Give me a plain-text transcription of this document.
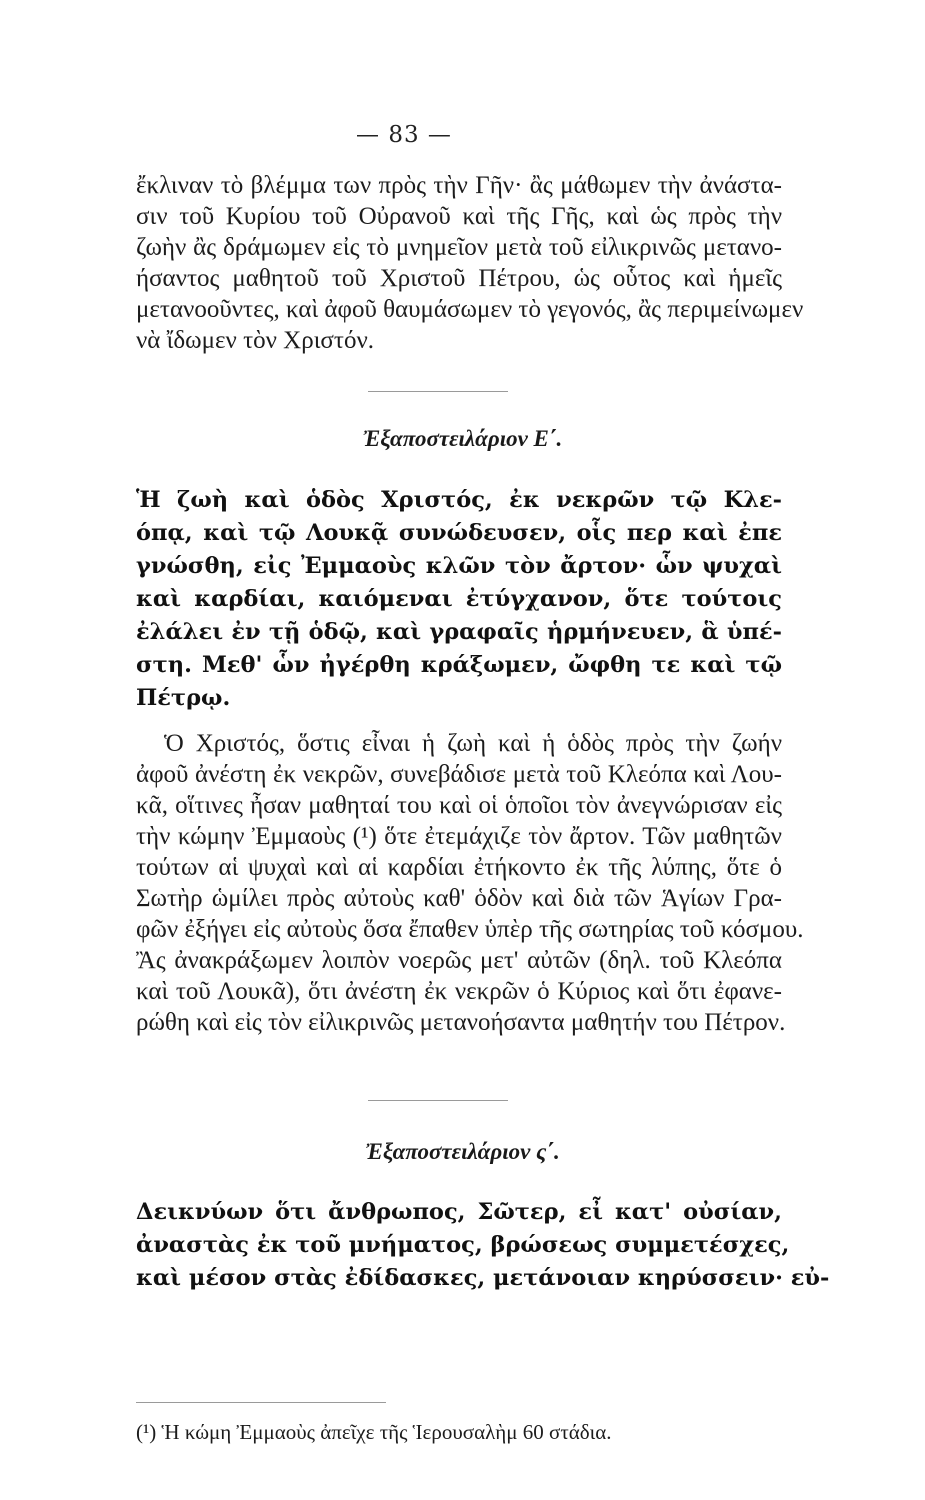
— 83 —
ἔκλιναν τὸ βλέμμα των πρὸς τὴν Γῆν· ἂς μάθωμεν τὴν ἀνάστα-
σιν τοῦ Κυρίου τοῦ Οὐρανοῦ καὶ τῆς Γῆς, καὶ ὡς πρὸς τὴν
ζωὴν ἂς δράμωμεν εἰς τὸ μνημεῖον μετὰ τοῦ εἰλικρινῶς μετανο-
ήσαντος μαθητοῦ τοῦ Χριστοῦ Πέτρου, ὡς οὗτος καὶ ἡμεῖς
μετανοοῦντες, καὶ ἀφοῦ θαυμάσωμεν τὸ γεγονός, ἂς περιμείνωμεν
νὰ ἴδωμεν τὸν Χριστόν.
Ἐξαποστειλάριον Ε΄.
Ἡ ζωὴ καὶ ὁδὸς Χριστός, ἐκ νεκρῶν τῷ Κλε-
όπᾳ, καὶ τῷ Λουκᾷ συνώδευσεν, οἷς περ καὶ ἐπε
γνώσθη, εἰς Ἐμμαοὺς κλῶν τὸν ἄρτον· ὧν ψυχαὶ
καὶ καρδίαι, καιόμεναι ἐτύγχανον, ὅτε τούτοις
ἐλάλει ἐν τῇ ὁδῷ, καὶ γραφαῖς ἡρμήνευεν, ἃ ὑπέ-
στη. Μεθ' ὧν ἠγέρθη κράξωμεν, ὤφθη τε καὶ τῷ
Πέτρῳ.
Ὁ Χριστός, ὅστις εἶναι ἡ ζωὴ καὶ ἡ ὁδὸς πρὸς τὴν ζωήν
ἀφοῦ ἀνέστη ἐκ νεκρῶν, συνεβάδισε μετὰ τοῦ Κλεόπα καὶ Λου-
κᾶ, οἵτινες ἦσαν μαθηταί του καὶ οἱ ὁποῖοι τὸν ἀνεγνώρισαν εἰς
τὴν κώμην Ἐμμαοὺς (¹) ὅτε ἐτεμάχιζε τὸν ἄρτον. Τῶν μαθητῶν
τούτων αἱ ψυχαὶ καὶ αἱ καρδίαι ἐτήκοντο ἐκ τῆς λύπης, ὅτε ὁ
Σωτὴρ ὡμίλει πρὸς αὐτοὺς καθ' ὁδὸν καὶ διὰ τῶν Ἁγίων Γρα-
φῶν ἐξήγει εἰς αὐτοὺς ὅσα ἔπαθεν ὑπὲρ τῆς σωτηρίας τοῦ κόσμου.
Ἂς ἀνακράξωμεν λοιπὸν νοερῶς μετ' αὐτῶν (δηλ. τοῦ Κλεόπα
καὶ τοῦ Λουκᾶ), ὅτι ἀνέστη ἐκ νεκρῶν ὁ Κύριος καὶ ὅτι ἐφανε-
ρώθη καὶ εἰς τὸν εἰλικρινῶς μετανοήσαντα μαθητήν του Πέτρον.
Ἐξαποστειλάριον ς΄.
Δεικνύων ὅτι ἄνθρωπος, Σῶτερ, εἶ κατ' οὐσίαν,
ἀναστὰς ἐκ τοῦ μνήματος, βρώσεως συμμετέσχες,
καὶ μέσον στὰς ἐδίδασκες, μετάνοιαν κηρύσσειν· εὐ-
(¹) Ἡ κώμη Ἐμμαοὺς ἀπεῖχε τῆς Ἱερουσαλὴμ 60 στάδια.
